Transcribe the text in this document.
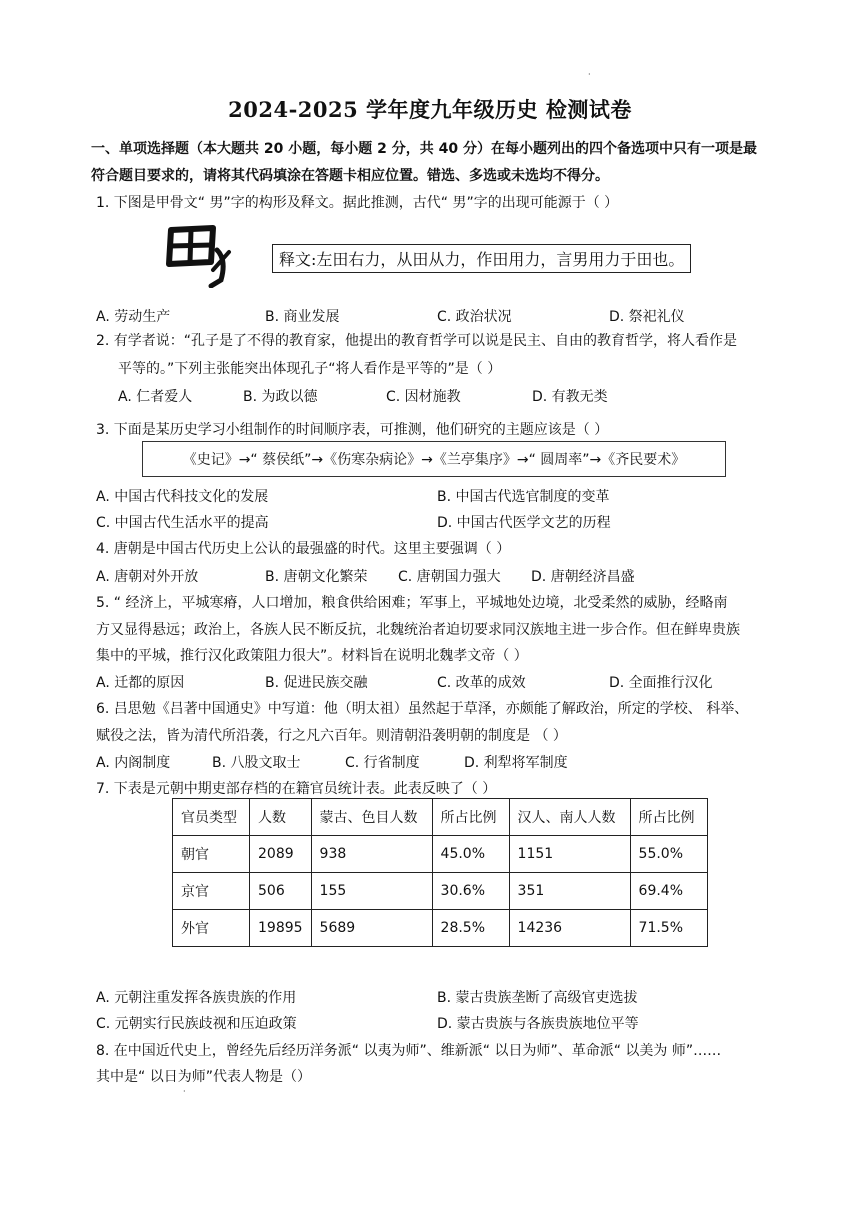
·
2024-2025 学年度九年级历史 检测试卷
一、单项选择题（本大题共 20 小题，每小题 2 分，共 40 分）在每小题列出的四个备选项中只有一项是最
符合题目要求的，请将其代码填涂在答题卡相应位置。错选、多选或未选均不得分。
1. 下图是甲骨文“ 男”字的构形及释文。据此推测，古代“ 男”字的出现可能源于（ ）
释文:左田右力，从田从力，作田用力，言男用力于田也。
A. 劳动生产	B. 商业发展	C. 政治状况	D. 祭祀礼仪
2. 有学者说：“孔子是了不得的教育家，他提出的教育哲学可以说是民主、自由的教育哲学，将人看作是
平等的。”下列主张能突出体现孔子“将人看作是平等的”是（ ）
A. 仁者爱人	B. 为政以德	C. 因材施教	D. 有教无类
3. 下面是某历史学习小组制作的时间顺序表，可推测，他们研究的主题应该是（ ）
《史记》→“ 蔡侯纸”→《伤寒杂病论》→《兰亭集序》→“ 圆周率”→《齐民要术》
A. 中国古代科技文化的发展	B. 中国古代选官制度的变革
C. 中国古代生活水平的提高	D. 中国古代医学文艺的历程
4. 唐朝是中国古代历史上公认的最强盛的时代。这里主要强调（ ）
A. 唐朝对外开放	B. 唐朝文化繁荣 C. 唐朝国力强大 D. 唐朝经济昌盛
5. “ 经济上，平城寒瘠，人口增加，粮食供给困难；军事上，平城地处边境，北受柔然的威胁，经略南
方又显得悬远；政治上，各族人民不断反抗，北魏统治者迫切要求同汉族地主进一步合作。但在鲜卑贵族
集中的平城，推行汉化政策阻力很大”。材料旨在说明北魏孝文帝（ ）
A. 迁都的原因	B. 促进民族交融	C. 改革的成效	D. 全面推行汉化
6. 吕思勉《吕著中国通史》中写道：他（明太祖）虽然起于草泽，亦颇能了解政治，所定的学校、 科举、
赋役之法，皆为清代所沿袭，行之凡六百年。则清朝沿袭明朝的制度是 （ ）
A. 内阁制度	B. 八股文取士	C. 行省制度	D. 利犁将军制度
7. 下表是元朝中期吏部存档的在籍官员统计表。此表反映了（ ）
官员类型	人数	蒙古、色目人数	所占比例	汉人、南人人数	所占比例
朝官	2089	938	45.0%	1151	55.0%
京官	506	155	30.6%	351	69.4%
外官	19895	5689	28.5%	14236	71.5%
A. 元朝注重发挥各族贵族的作用	B. 蒙古贵族垄断了高级官吏选拔
C. 元朝实行民族歧视和压迫政策	D. 蒙古贵族与各族贵族地位平等
8. 在中国近代史上，曾经先后经历洋务派“ 以夷为师”、维新派“ 以日为师”、革命派“ 以美为 师”……
其中是“ 以日为师”代表人物是（）
·
